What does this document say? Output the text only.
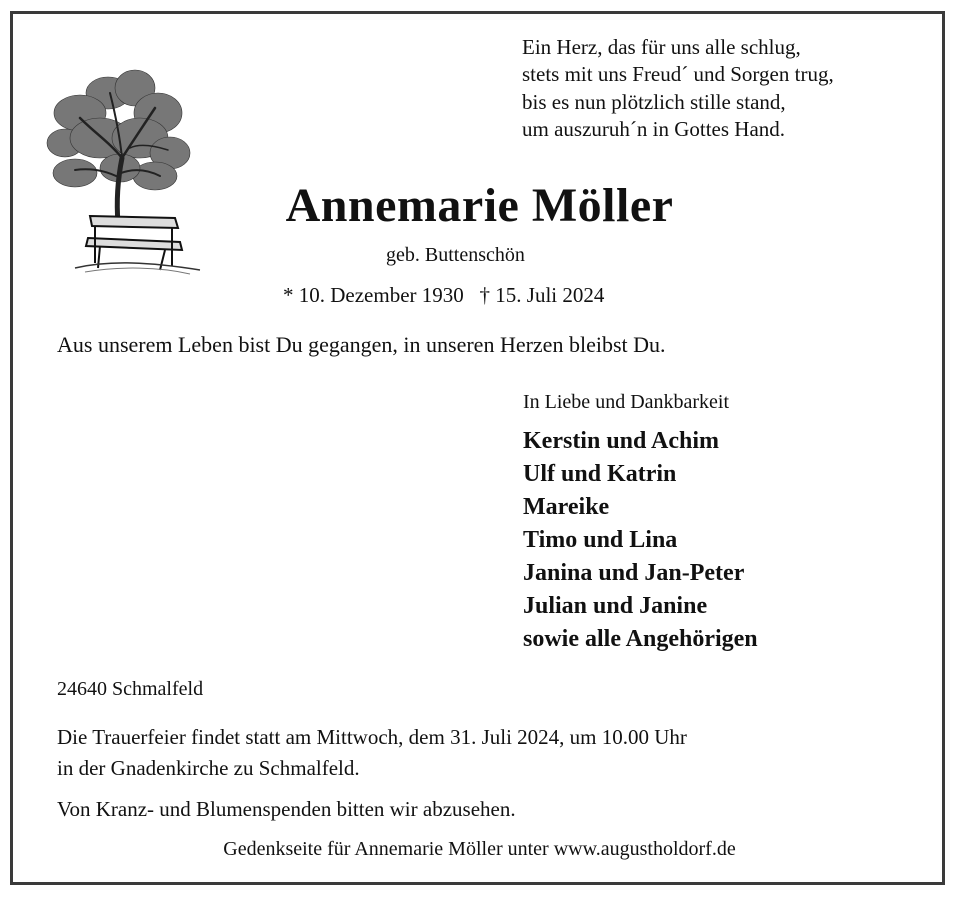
Ein Herz, das für uns alle schlug,
stets mit uns Freud´ und Sorgen trug,
bis es nun plötzlich stille stand,
um auszuruh´n in Gottes Hand.
Annemarie Möller
geb. Buttenschön
* 10. Dezember 1930   † 15. Juli 2024
Aus unserem Leben bist Du gegangen, in unseren Herzen bleibst Du.
In Liebe und Dankbarkeit
Kerstin und Achim
Ulf und Katrin
Mareike
Timo und Lina
Janina und Jan-Peter
Julian und Janine
sowie alle Angehörigen
24640 Schmalfeld
Die Trauerfeier findet statt am Mittwoch, dem 31. Juli 2024, um 10.00 Uhr
in der Gnadenkirche zu Schmalfeld.
Von Kranz- und Blumenspenden bitten wir abzusehen.
Gedenkseite für Annemarie Möller unter www.augustholdorf.de
